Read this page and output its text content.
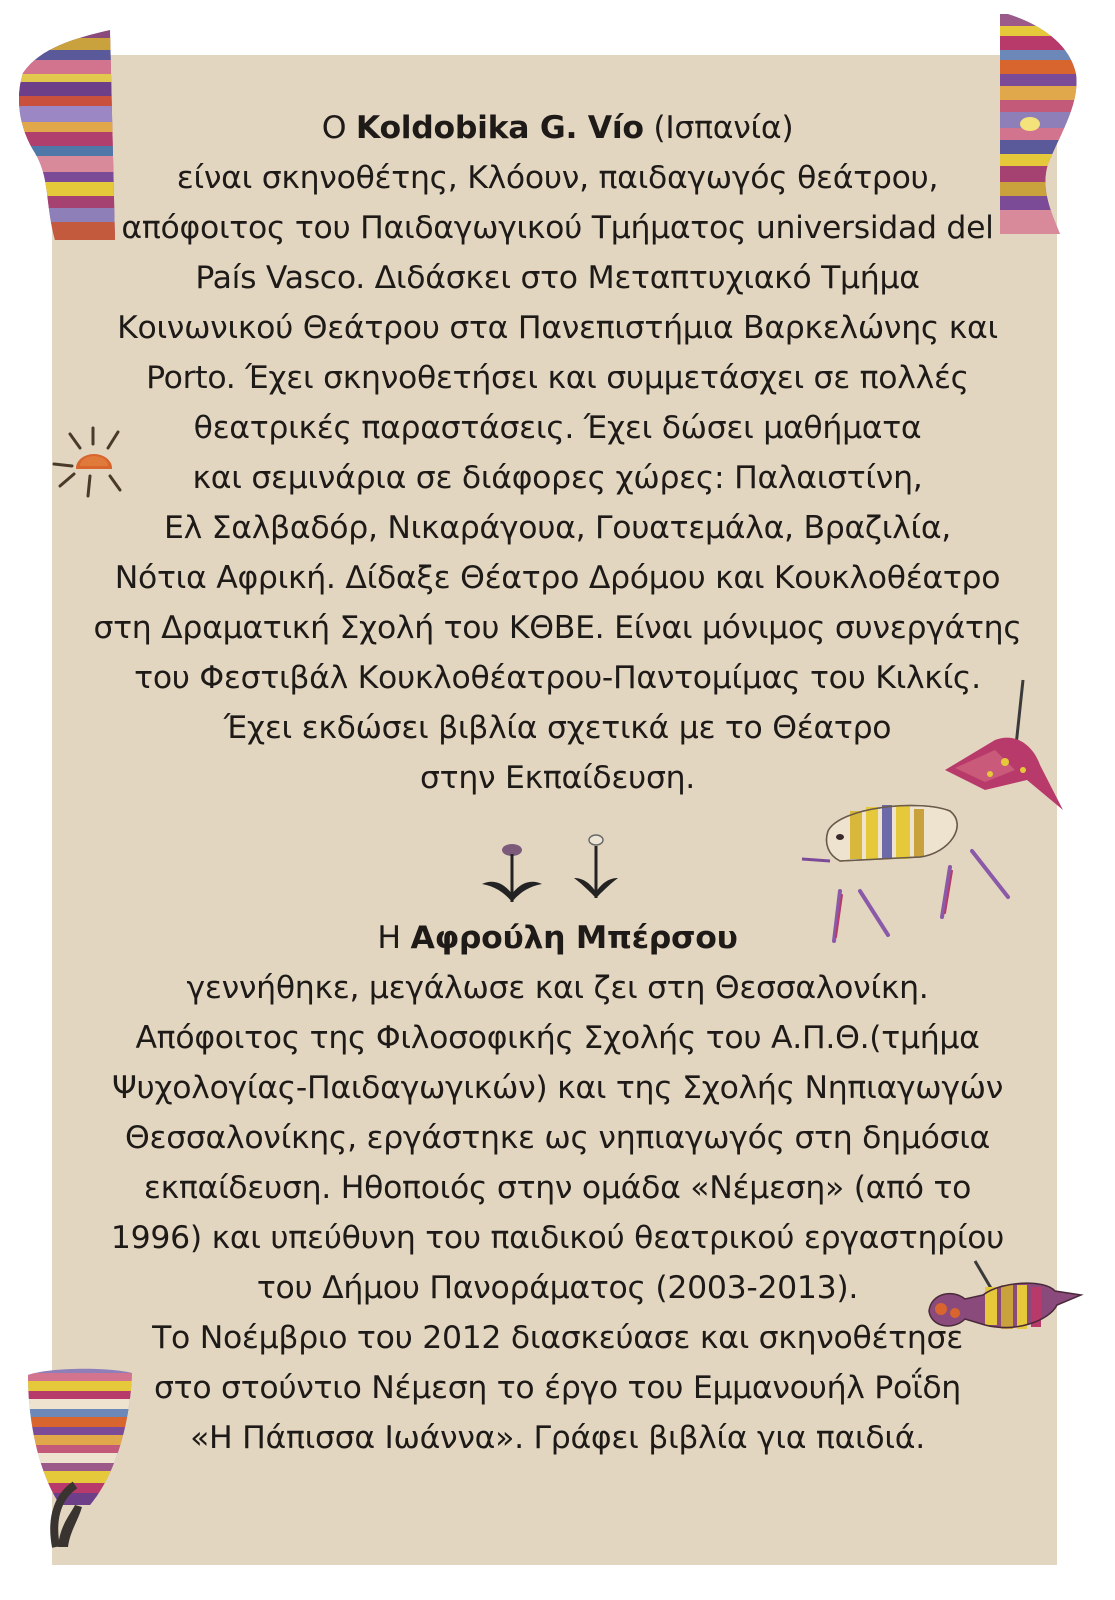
Ο Koldobika G. Vío (Ισπανία)
είναι σκηνοθέτης, Κλόουν, παιδαγωγός θεάτρου,
απόφοιτος του Παιδαγωγικού Τμήματος universidad del
País Vasco. Διδάσκει στο Μεταπτυχιακό Τμήμα
Κοινωνικού Θεάτρου στα Πανεπιστήμια Βαρκελώνης και
Porto. Έχει σκηνοθετήσει και συμμετάσχει σε πολλές
θεατρικές παραστάσεις. Έχει δώσει μαθήματα
και σεμινάρια σε διάφορες χώρες: Παλαιστίνη,
Ελ Σαλβαδόρ, Νικαράγουα, Γουατεμάλα, Βραζιλία,
Νότια Αφρική. Δίδαξε Θέατρο Δρόμου και Κουκλοθέατρο
στη Δραματική Σχολή του ΚΘΒΕ. Είναι μόνιμος συνεργάτης
του Φεστιβάλ Κουκλοθέατρου-Παντομίμας του Κιλκίς.
Έχει εκδώσει βιβλία σχετικά με το Θέατρο
στην Εκπαίδευση.
Η Αφρούλη Μπέρσου
γεννήθηκε, μεγάλωσε και ζει στη Θεσσαλονίκη.
Απόφοιτος της Φιλοσοφικής Σχολής του Α.Π.Θ.(τμήμα
Ψυχολογίας-Παιδαγωγικών) και της Σχολής Νηπιαγωγών
Θεσσαλονίκης, εργάστηκε ως νηπιαγωγός στη δημόσια
εκπαίδευση. Ηθοποιός στην ομάδα «Νέμεση» (από το
1996) και υπεύθυνη του παιδικού θεατρικού εργαστηρίου
του Δήμου Πανοράματος (2003-2013).
Το Νοέμβριο του 2012 διασκεύασε και σκηνοθέτησε
στο στούντιο Νέμεση το έργο του Εμμανουήλ Ροΐδη
«Η Πάπισσα Ιωάννα». Γράφει βιβλία για παιδιά.
